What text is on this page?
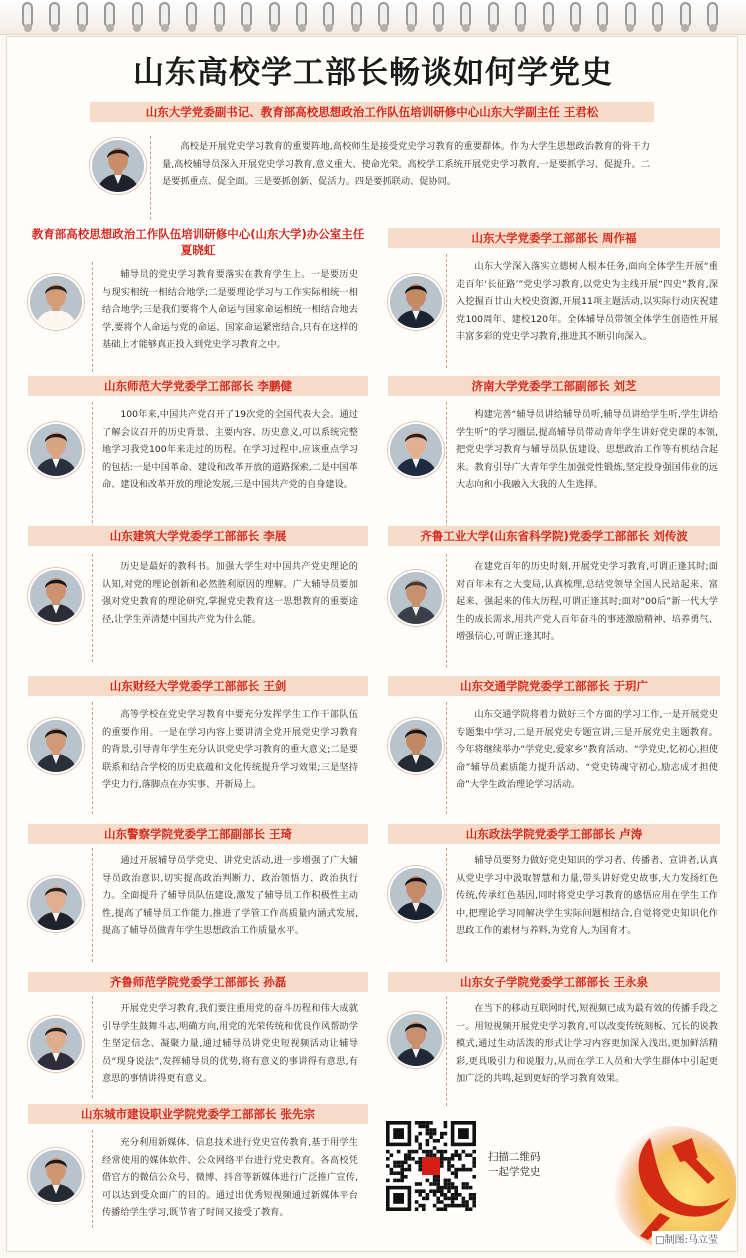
山东高校学工部长畅谈如何学党史
山东大学党委副书记、教育部高校思想政治工作队伍培训研修中心山东大学副主任 王君松
高校是开展党史学习教育的重要阵地,高校师生是接受党史学习教育的重要群体。作为大学生思想政治教育的骨干力量,高校辅导员深入开展党史学习教育,意义重大、使命光荣。高校学工系统开展党史学习教育,一是要抓学习、促提升。二是要抓重点、促全面。三是要抓创新、促活力。四是要抓联动、促协同。
教育部高校思想政治工作队伍培训研修中心(山东大学)办公室主任 夏晓虹
辅导员的党史学习教育要落实在教育学生上。一是要历史与现实相统一相结合地学;二是要理论学习与工作实际相统一相结合地学;三是我们要将个人命运与国家命运相统一相结合地去学,要将个人命运与党的命运、国家命运紧密结合,只有在这样的基础上才能够真正投入到党史学习教育之中。
山东大学党委学工部部长 周作福
山东大学深入落实立德树人根本任务,面向全体学生开展“重走百年‘长征路’”党史学习教育,以党史为主线开展“四史”教育,深入挖掘百廿山大校史资源,开展11项主题活动,以实际行动庆祝建党100周年、建校120年。全体辅导员带领全体学生创造性开展丰富多彩的党史学习教育,推进其不断引向深入。
山东师范大学党委学工部部长 李鹏健
100年来,中国共产党召开了19次党的全国代表大会。通过了解会议召开的历史背景、主要内容、历史意义,可以系统完整地学习我党100年来走过的历程。在学习过程中,应该重点学习的包括:一是中国革命、建设和改革开放的道路探索,二是中国革命、建设和改革开放的理论发展,三是中国共产党的自身建设。
济南大学党委学工部副部长 刘芝
构建完善“辅导员讲给辅导员听,辅导员讲给学生听,学生讲给学生听”的学习圈层,提高辅导员带动青年学生讲好党史课的本领,把党史学习教育与辅导员队伍建设、思想政治工作等有机结合起来。教育引导广大青年学生加强党性锻炼,坚定投身强国伟业的远大志向和小我融入大我的人生选择。
山东建筑大学党委学工部部长 李展
历史是最好的教科书。加强大学生对中国共产党史理论的认知,对党的理论创新和必然胜利原因的理解。广大辅导员要加强对党史教育的理论研究,掌握党史教育这一思想教育的重要途径,让学生弄清楚中国共产党为什么能。
齐鲁工业大学(山东省科学院)党委学工部部长 刘传波
在建党百年的历史时刻,开展党史学习教育,可谓正逢其时;面对百年未有之大变局,认真梳理,总结党领导全国人民站起来、富起来、强起来的伟大历程,可谓正逢其时;面对“00后”新一代大学生的成长需求,用共产党人百年奋斗的事迹激励精神、培养勇气、增强信心,可谓正逢其时。
山东财经大学党委学工部部长 王剑
高等学校在党史学习教育中要充分发挥学生工作干部队伍的重要作用。一是在学习内容上要讲清全党开展党史学习教育的背景,引导青年学生充分认识党史学习教育的重大意义;二是要联系和结合学校的历史底蕴和文化传统提升学习效果;三是坚持学史力行,落脚点在办实事、开新局上。
山东交通学院党委学工部部长 于玥广
山东交通学院将着力做好三个方面的学习工作,一是开展党史专题集中学习,二是开展党史专题宣讲,三是开展党史主题教育。今年将继续举办“学党史,爱家乡”教育活动、“学党史,忆初心,担使命”辅导员素质能力提升活动、“党史铸魂守初心,励志成才担使命”大学生政治理论学习活动。
山东警察学院党委学工部副部长 王琦
通过开展辅导员学党史、讲党史活动,进一步增强了广大辅导员政治意识,切实提高政治判断力、政治领悟力、政治执行力。全面提升了辅导员队伍建设,激发了辅导员工作积极性主动性,提高了辅导员工作能力,推进了学管工作高质量内涵式发展,提高了辅导员做青年学生思想政治工作质量水平。
山东政法学院党委学工部部长 卢涛
辅导员要努力做好党史知识的学习者、传播者、宣讲者,认真从党史学习中汲取智慧和力量,带头讲好党史故事,大力发扬红色传统,传承红色基因,同时将党史学习教育的感悟应用在学生工作中,把理论学习同解决学生实际问题相结合,自觉将党史知识化作思政工作的素材与养料,为党育人,为国育才。
齐鲁师范学院党委学工部部长 孙磊
开展党史学习教育,我们要注重用党的奋斗历程和伟大成就引导学生鼓舞斗志,明确方向,用党的光荣传统和优良作风帮助学生坚定信念、凝聚力量,通过辅导员讲党史短视频活动让辅导员“现身说法”,发挥辅导员的优势,将有意义的事讲得有意思,有意思的事情讲得更有意义。
山东女子学院党委学工部部长 王永泉
在当下的移动互联网时代,短视频已成为最有效的传播手段之一。用短视频开展党史学习教育,可以改变传统刻板、冗长的说教模式,通过生动活泼的形式让学习内容更加深入浅出,更加鲜活精彩,更具吸引力和说服力,从而在学工人员和大学生群体中引起更加广泛的共鸣,起到更好的学习教育效果。
山东城市建设职业学院党委学工部部长 张先宗
充分利用新媒体、信息技术进行党史宣传教育,基于用学生经常使用的媒体软件、公众网络平台进行党史教育。各高校凭借官方的微信公众号、微博、抖音等新媒体进行广泛推广宣传,可以达到受众面广的目的。通过出优秀短视频通过新媒体平台传播给学生学习,既节省了时间又接受了教育。
扫描二维码
一起学党史
□制图:马立莹
